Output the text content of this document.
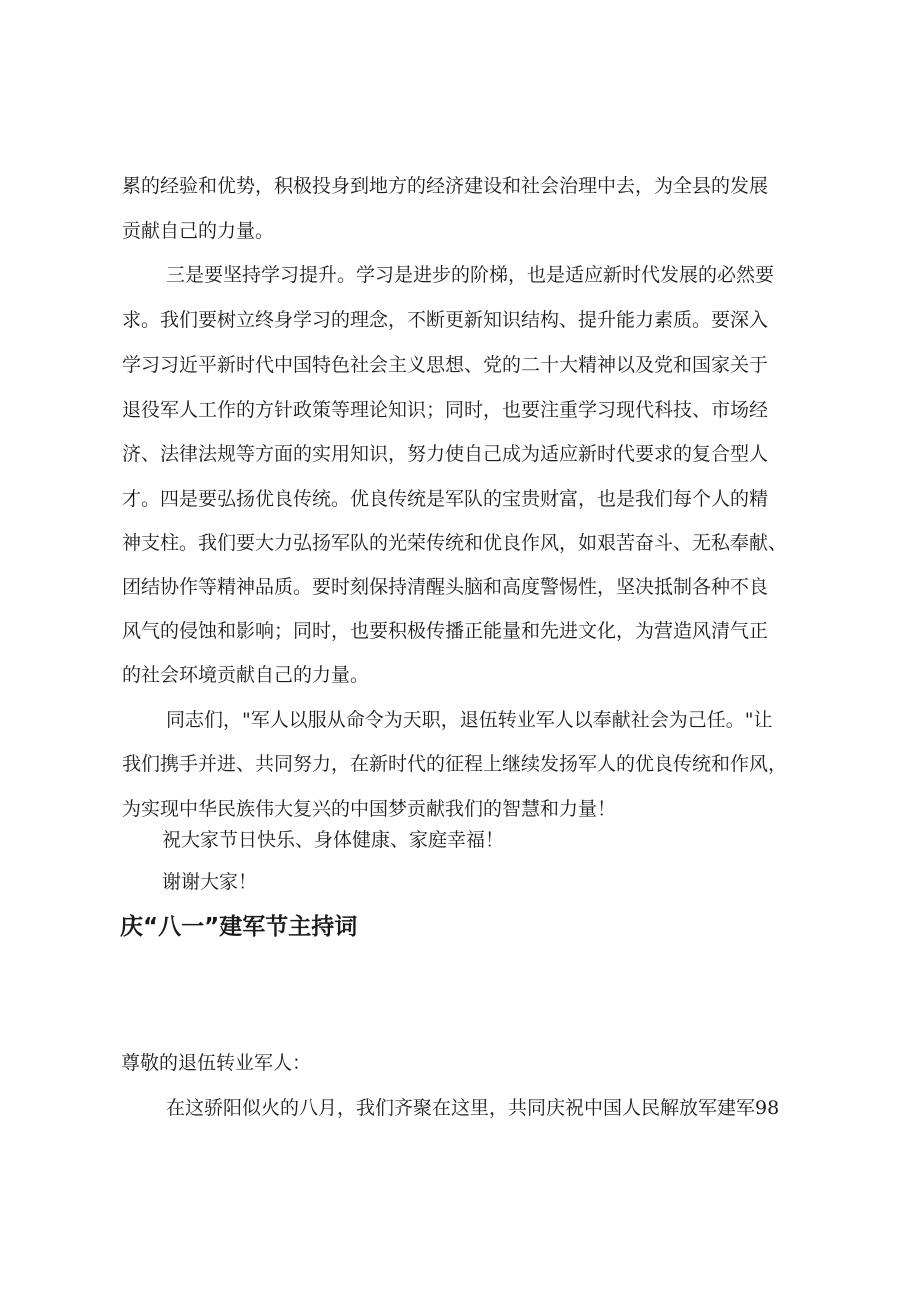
累的经验和优势，积极投身到地方的经济建设和社会治理中去，为全县的发展
贡献自己的力量。
三是要坚持学习提升。学习是进步的阶梯，也是适应新时代发展的必然要
求。我们要树立终身学习的理念，不断更新知识结构、提升能力素质。要深入
学习习近平新时代中国特色社会主义思想、党的二十大精神以及党和国家关于
退役军人工作的方针政策等理论知识；同时，也要注重学习现代科技、市场经
济、法律法规等方面的实用知识，努力使自己成为适应新时代要求的复合型人
才。四是要弘扬优良传统。优良传统是军队的宝贵财富，也是我们每个人的精
神支柱。我们要大力弘扬军队的光荣传统和优良作风，如艰苦奋斗、无私奉献、
团结协作等精神品质。要时刻保持清醒头脑和高度警惕性，坚决抵制各种不良
风气的侵蚀和影响；同时，也要积极传播正能量和先进文化，为营造风清气正
的社会环境贡献自己的力量。
同志们，"军人以服从命令为天职，退伍转业军人以奉献社会为己任。"让
我们携手并进、共同努力，在新时代的征程上继续发扬军人的优良传统和作风，
为实现中华民族伟大复兴的中国梦贡献我们的智慧和力量！
祝大家节日快乐、身体健康、家庭幸福！
谢谢大家！
庆“八一”建军节主持词
尊敬的退伍转业军人：
在这骄阳似火的八月，我们齐聚在这里，共同庆祝中国人民解放军建军98
